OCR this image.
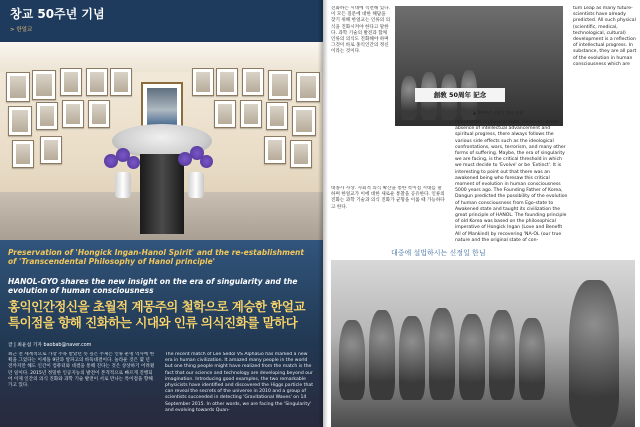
창교 50주년 기념
> 한얼교
Preservation of 'Hongick Ingan-Hanol Spirit' and the re-establishment of 'Transcendental Philosophy of Hanol principle'
HANOL-GYO shares the new insight on the era of singularity and the evolution of human consciousness
홍익인간정신을 초월적 계몽주의 철학으로 계승한 한얼교 특이점을 향해 진화하는 시대와 인류 의식진화를 말하다
글 | 최윤섭 기자 baobab@naver.com
최근 전 세계적으로 가장 주목 받았던 뜻 깊은 주제는 인류 운명 역사에 한 획을 그었다는 이세돌 9단과 알파고의 바둑대결이다. 놀라운 것은 몇 년 전까지만 해도 인간이 컴퓨터와 대결을 통해 진다는 것은 상상하기 어려웠던 일이다. 2015년 정밀한 인공지능의 발전이 본격적으로 빠르게 진행되어 이제 인간의 의식 진화와 과학 기술 발전이 서로 만나는 특이점을 향해 가고 있다.
The recent match of Lee Sedol VS AlphaGo has marked a new era in human civilization. It amazed many people in the world but one thing people might have realized from the match is the fact that our science and technology are developing beyond our imagination. Introducing good examples, the two remarkable physicists have identified and discovered the Higgs particle that can reveal the secrets of the universe in 2010 and a group of scientists succeeded in detecting 'Gravitational Waves' on 14 September 2015. In other words, we are facing the 'Singularity' and evolving towards Quan-
진화하는 시대에 직면해 있다. 이 모든 질문에 대한 해답을 찾기 위해 한얼교는 인류의 의식을 진화시켜야 한다고 말한다. 과학 기술의 발전과 함께 인류의 의식도 진화해야 하며 그것이 바로 홍익인간의 정신이라는 것이다.
創敎 50周年 記念
▲ 50주년 기념식 행사 모습
tum Leap as many future-scientists have already predicted. All such physical (scientific, medical, technological, cultural) development is a reflection of intellectual progress. In substance, they are all part of the evolution in human consciousness which are
대종사 사상. 사회적 의식 확산을 통한 특이점 시대를 말하며 한얼교가 이에 대한 새로운 통찰을 공유한다. 인류의 진화는 과학 기술과 의식 진화가 균형을 이룰 때 가능하다고 한다.
manifested in physical level. However, in the absence of intellectual advancement and spiritual progress, there always follows the various side effects such as the ideological confrontations, wars, terrorism, and many other forms of suffering. Maybe, the era of singularity we are facing, is the critical threshold in which we must decide to 'Evolve' or be 'Extinct'. It is interesting to point out that there was an awakened being who foresaw this critical moment of evolution in human consciousness 5000 years ago. The Founding Father of Korea, Dangun predicted the possibility of the evolution of human consciousness from Ego-state to Awakened state and taught its civilization the great principle of HANOL. The founding principle of old Korea was based on the philosophical imperative of Hongick Ingan (Love and Benefit All of Mankind) by recovering 'NA-OL (our true nature and the original state of con-
대중에 설법하시는 신정일 한님
